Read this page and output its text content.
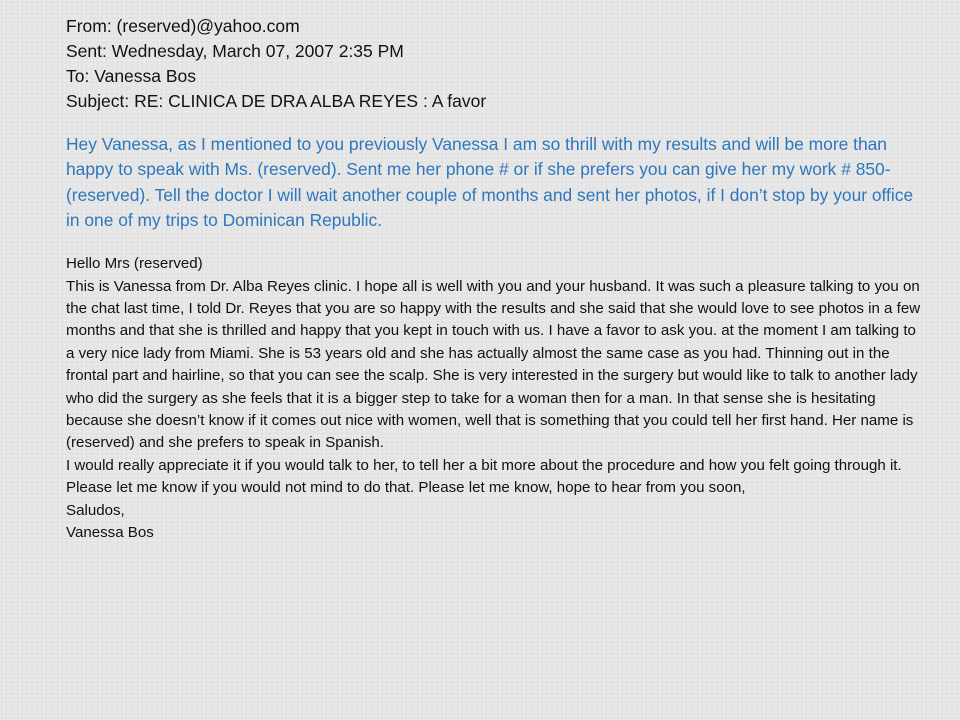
From: (reserved)@yahoo.com
Sent: Wednesday, March 07, 2007 2:35 PM
To: Vanessa Bos
Subject: RE: CLINICA DE DRA ALBA REYES : A favor
Hey Vanessa, as I mentioned to you previously Vanessa I am so thrill with my results and will be more than happy to speak with Ms. (reserved). Sent me her phone # or if she prefers you can give her my work # 850- (reserved). Tell the doctor I will wait another couple of months and sent her photos, if I don’t stop by your office in one of my trips to Dominican Republic.

Hello Mrs (reserved)

This is Vanessa from Dr. Alba Reyes clinic. I hope all is well with you and your husband. It was such a pleasure talking to you on the chat last time, I told Dr. Reyes that you are so happy with the results and she said that she would love to see photos in a few months and that she is thrilled and happy that you kept in touch with us. I have a favor to ask you. at the moment I am talking to a very nice lady from Miami. She is 53 years old and she has actually almost the same case as you had. Thinning out in the frontal part and hairline, so that you can see the scalp. She is very interested in the surgery but would like to talk to another lady who did the surgery as she feels that it is a bigger step to take for a woman then for a man. In that sense she is hesitating because she doesn’t know if it comes out nice with women, well that is something that you could tell her first hand. Her name is (reserved) and she prefers to speak in Spanish.

I would really appreciate it if you would talk to her, to tell her a bit more about the procedure and how you felt going through it. Please let me know if you would not mind to do that. Please let me know, hope to hear from you soon,

Saludos,

Vanessa Bos
